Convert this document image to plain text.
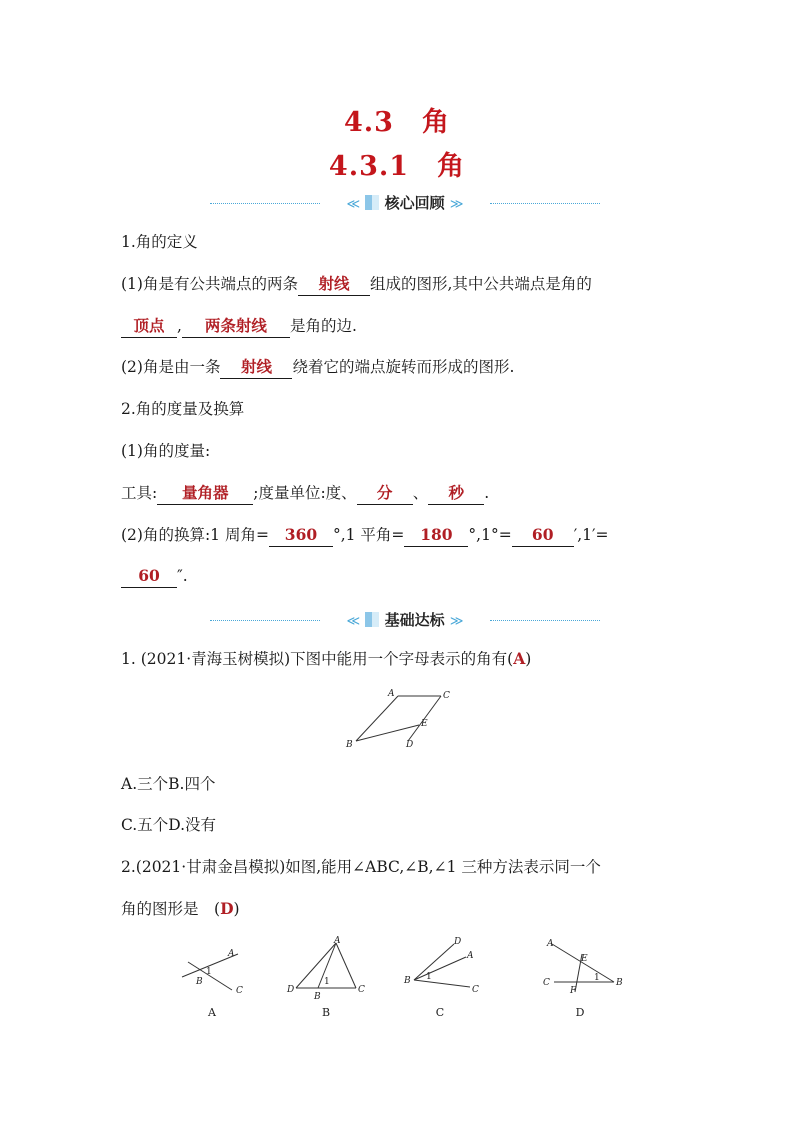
4.3　角
4.3.1　角
≪ 核心回顾 ≫
1.角的定义
(1)角是有公共端点的两条 射线 组成的图形,其中公共端点是角的
顶点 , 两条射线 是角的边.
(2)角是由一条 射线 绕着它的端点旋转而形成的图形.
2.角的度量及换算
(1)角的度量:
工具: 量角器 ;度量单位:度、 分 、 秒 .
(2)角的换算:1 周角= 360 °,1 平角= 180 °,1°= 60 ′,1′=
60 ″.
≪ 基础达标 ≫
1. (2021·青海玉树模拟)下图中能用一个字母表示的角有(A)
A	C
E
B	D
A.三个B.四个
C.五个D.没有
2.(2021·甘肃金昌模拟)如图,能用∠ABC,∠B,∠1 三种方法表示同一个
角的图形是　(D)
A
B
C
1
A
D
B
C
1
D
A
B
C
1
A
E
C
F
B
1
A	B	C	D
